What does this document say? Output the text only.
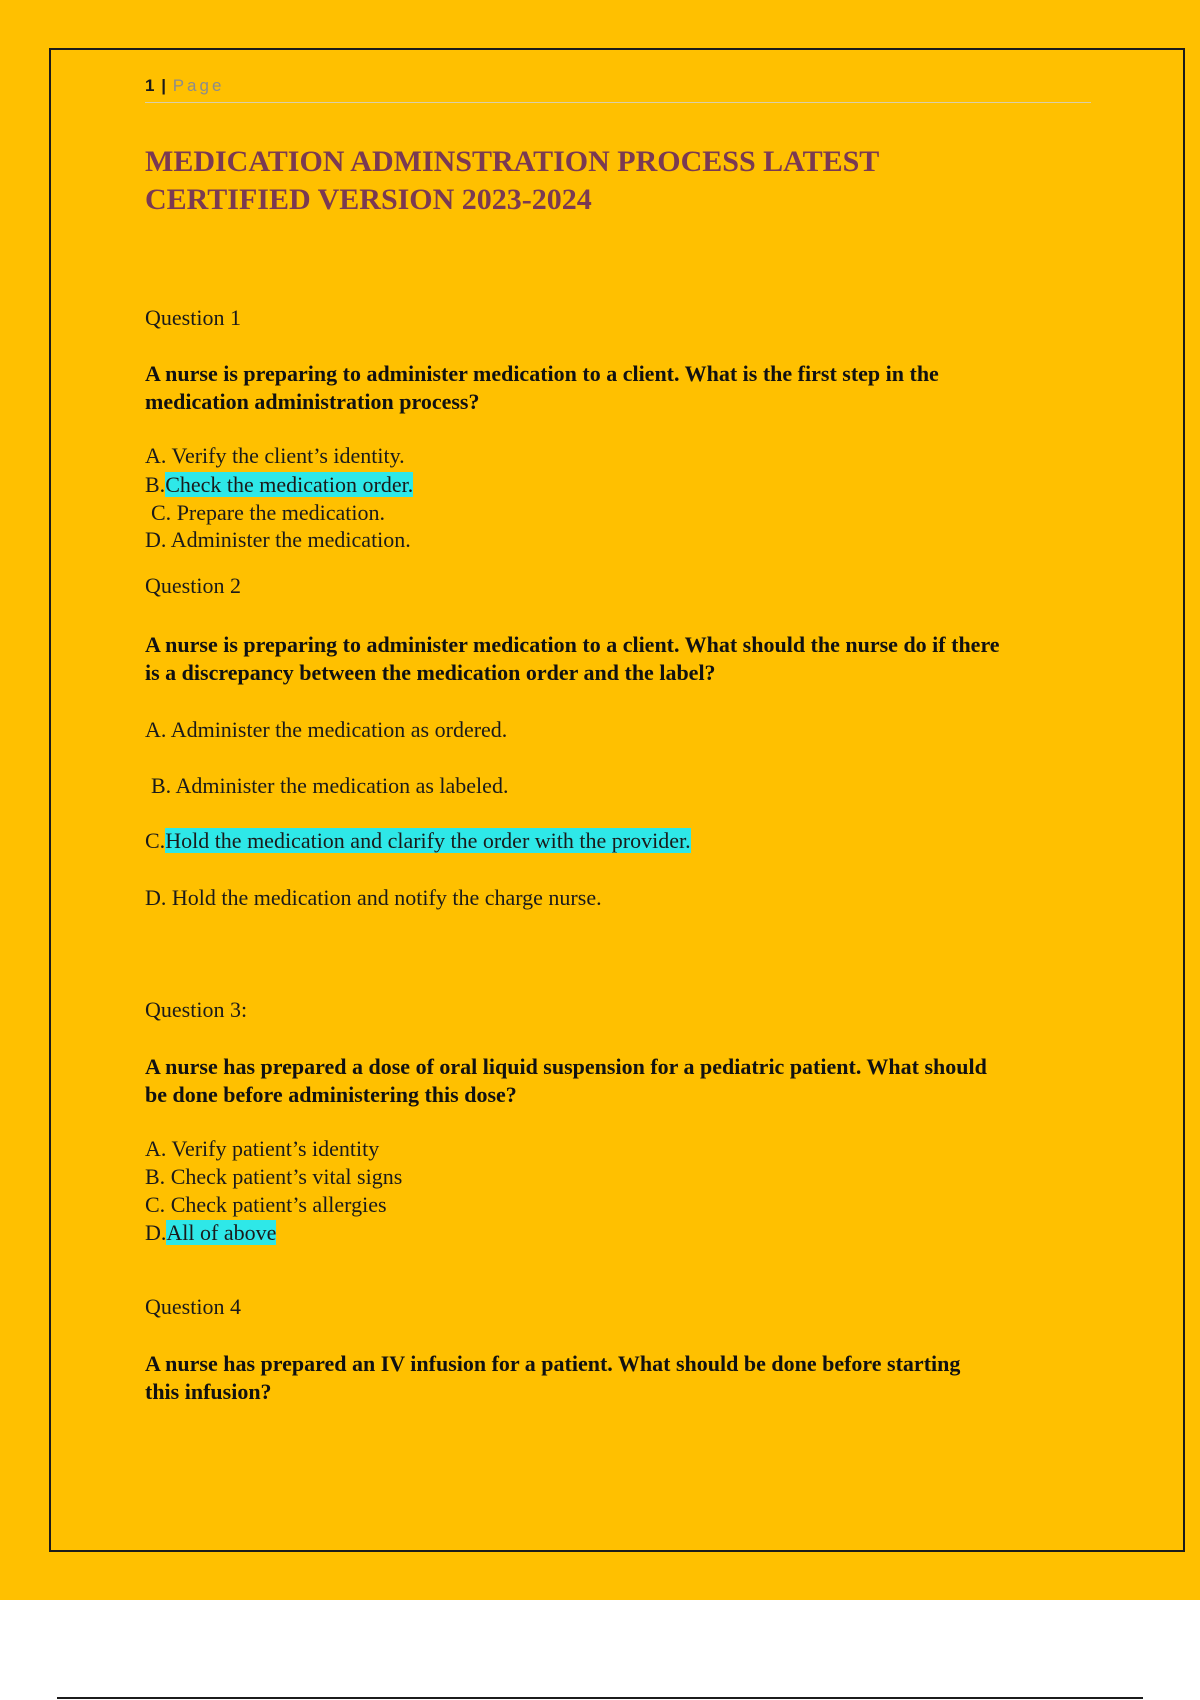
1 | Page
MEDICATION ADMINSTRATION PROCESS LATEST
CERTIFIED VERSION 2023-2024
Question 1
A nurse is preparing to administer medication to a client. What is the first step in the
medication administration process?
A. Verify the client’s identity.
B.Check the medication order.
C. Prepare the medication.
D. Administer the medication.
Question 2
A nurse is preparing to administer medication to a client. What should the nurse do if there
is a discrepancy between the medication order and the label?
A. Administer the medication as ordered.
B. Administer the medication as labeled.
C.Hold the medication and clarify the order with the provider.
D. Hold the medication and notify the charge nurse.
Question 3:
A nurse has prepared a dose of oral liquid suspension for a pediatric patient. What should
be done before administering this dose?
A. Verify patient’s identity
B. Check patient’s vital signs
C. Check patient’s allergies
D.All of above
Question 4
A nurse has prepared an IV infusion for a patient. What should be done before starting
this infusion?
